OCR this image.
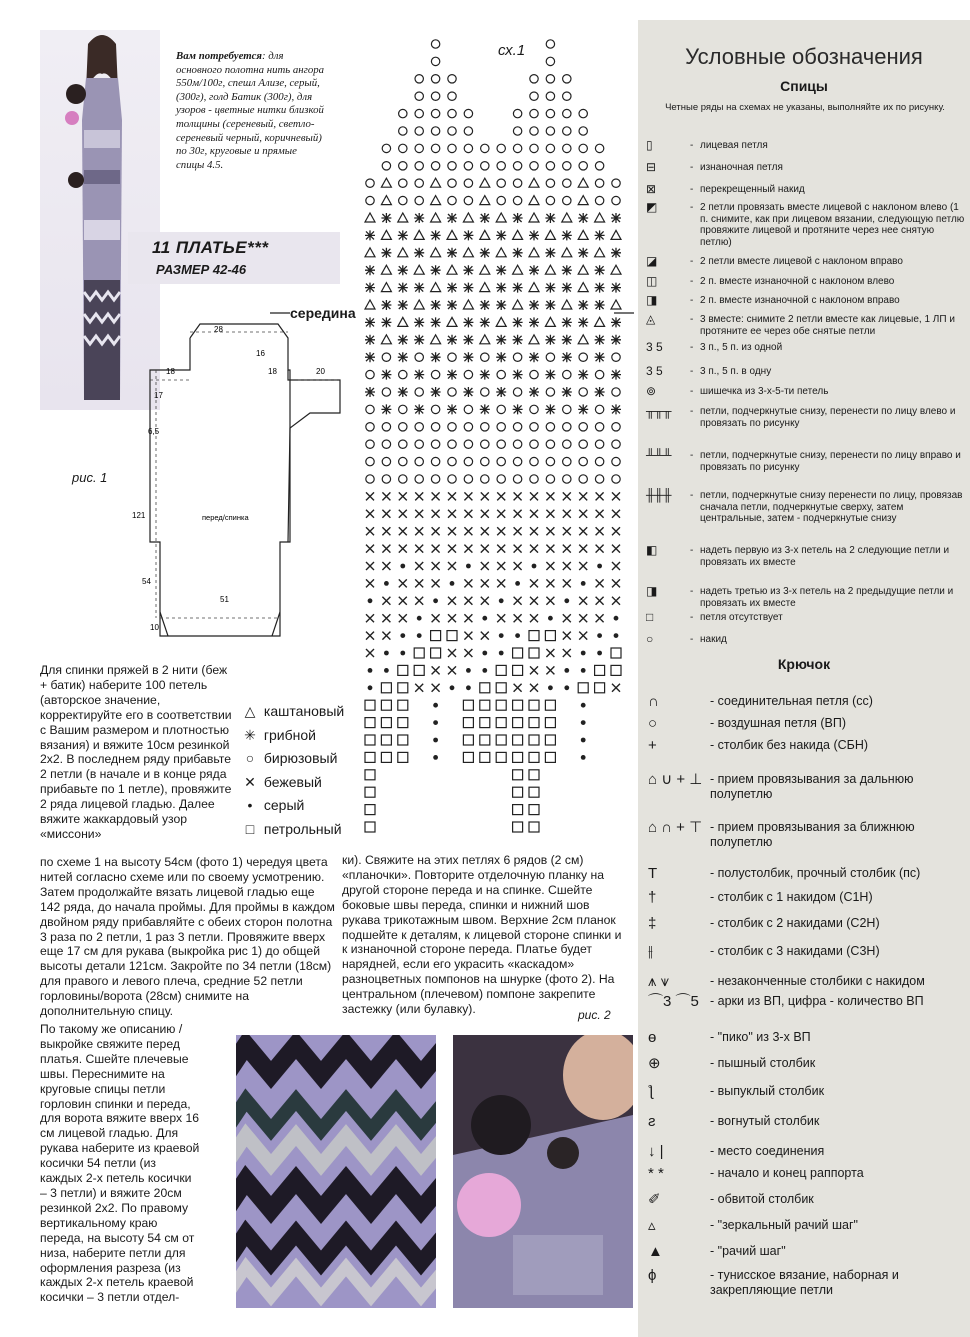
Вам потребуется: для основного полотна нить ангора 550м/100г, спешл Ализе, серый, (300г), голд Батик (300г), для узоров - цветные нитки близкой толщины (сереневый, светло-сереневый черный, коричневый) по 30г, круговые и прямые спицы 4.5.
11 ПЛАТЬЕ***
РАЗМЕР 42-46
28
16
18	18	20
17
6,5
121
54
51
10
перед/спинка
рис. 1
сх.1
середина
△ каштановый
✳ грибной
○ бирюзовый
✕ бежевый
• серый
□ петрольный
Для спинки пряжей в 2 нити (беж + батик) наберите 100 петель (авторское значение, корректируйте его в соответствии с Вашим размером и плотностью вязания) и вяжите 10см резинкой 2х2. В последнем ряду прибавьте 2 петли (в начале и в конце ряда прибавьте по 1 петле), провяжите 2 ряда лицевой гладью. Далее вяжите жаккардовый узор «миссони»
по схеме 1 на высоту 54см (фото 1) чередуя цвета нитей согласно схеме или по своему усмотрению. Затем продолжайте вязать лицевой гладью еще 142 ряда, до начала проймы. Для проймы в каждом двойном ряду прибавляйте с обеих сторон полотна 3 раза по 2 петли, 1 раз 3 петли. Провяжите вверх еще 17 см для рукава (выкройка рис 1) до общей высоты детали 121см. Закройте по 34 петли (18см) для правого и левого плеча, средние 52 петли горловины/ворота (28см) снимите на дополнительную спицу.
По такому же описанию / выкройке свяжите перед платья. Сшейте плечевые швы. Переснимите на круговые спицы петли горловин спинки и переда, для ворота вяжите вверх 16 см лицевой гладью. Для рукава наберите из краевой косички 54 петли (из каждых 2-х петель косички – 3 петли) и вяжите 20см резинкой 2х2. По правому вертикальному краю переда, на высоту 54 см от низа, наберите петли для оформления разреза (из каждых 2-х петель краевой косички – 3 петли отдел-
ки). Свяжите на этих петлях 6 рядов (2 см) «планочки». Повторите отделочную планку на другой стороне переда и на спинке. Сшейте боковые швы переда, спинки и нижний шов рукава трикотажным швом. Верхние 2см планок подшейте к деталям, к лицевой стороне спинки и к изнаночной стороне переда. Платье будет нарядней, если его украсить «каскадом» разноцветных помпонов на шнурке (фото 2). На центральном (плечевом) помпоне закрепите застежку (или булавку).	рис. 2
Условные обозначения
Спицы
Четные ряды на схемах не указаны, выполняйте их по рисунку.
▯	- лицевая петля
⊟	- изнаночная петля
⊠	- перекрещенный накид
◩	- 2 петли провязать вместе лицевой с наклоном влево (1 п. снимите, как при лицевом вязании, следующую петлю провяжите лицевой и протяните через нее снятую петлю)
◪	- 2 петли вместе лицевой с наклоном вправо
◫	- 2 п. вместе изнаночной с наклоном влево
◨	- 2 п. вместе изнаночной с наклоном вправо
◬	- 3 вместе: снимите 2 петли вместе как лицевые, 1 ЛП и протяните ее через обе снятые петли
3 5	- 3 п., 5 п. из одной
3 5	- 3 п., 5 п. в одну
⊚	- шишечка из 3-х-5-ти петель
╥╥╥	- петли, подчеркнутые снизу, перенести по лицу влево и провязать по рисунку
╨╨╨	- петли, подчеркнутые снизу, перенести по лицу вправо и провязать по рисунку
╫╫╫	- петли, подчеркнутые снизу перенести по лицу, провязав сначала петли, подчеркнутые сверху, затем центральные, затем - подчеркнутые снизу
◧	- надеть первую из 3-х петель на 2 следующие петли и провязать их вместе
◨	- надеть третью из 3-х петель на 2 предыдущие петли и провязать их вместе
□	- петля отсутствует
○	- накид
Крючок
∩	- соединительная петля (сс)
○	- воздушная петля (ВП)
+	- столбик без накида (СБН)
⌂ ∪ + ⊥ - прием провязывания за дальнюю полупетлю
⌂ ∩ + ⊤ - прием провязывания за ближнюю полупетлю
T	- полустолбик, прочный столбик (пс)
†	- столбик с 1 накидом (С1Н)
‡	- столбик с 2 накидами (С2Н)
⫲	- столбик с 3 накидами (С3Н)
⩚ ⩛	- незаконченные столбики с накидом
⌒3 ⌒5 - арки из ВП, цифра - количество ВП
ɵ	- "пико" из 3-х ВП
⊕	- пышный столбик
ƪ	- выпуклый столбик
ƨ	- вогнутый столбик
↓ |	- место соединения
* *	- начало и конец раппорта
✐	- обвитой столбик
▵	- "зеркальный рачий шаг"
▲	- "рачий шаг"
ϕ	- тунисское вязание, наборная и закрепляющие петли
